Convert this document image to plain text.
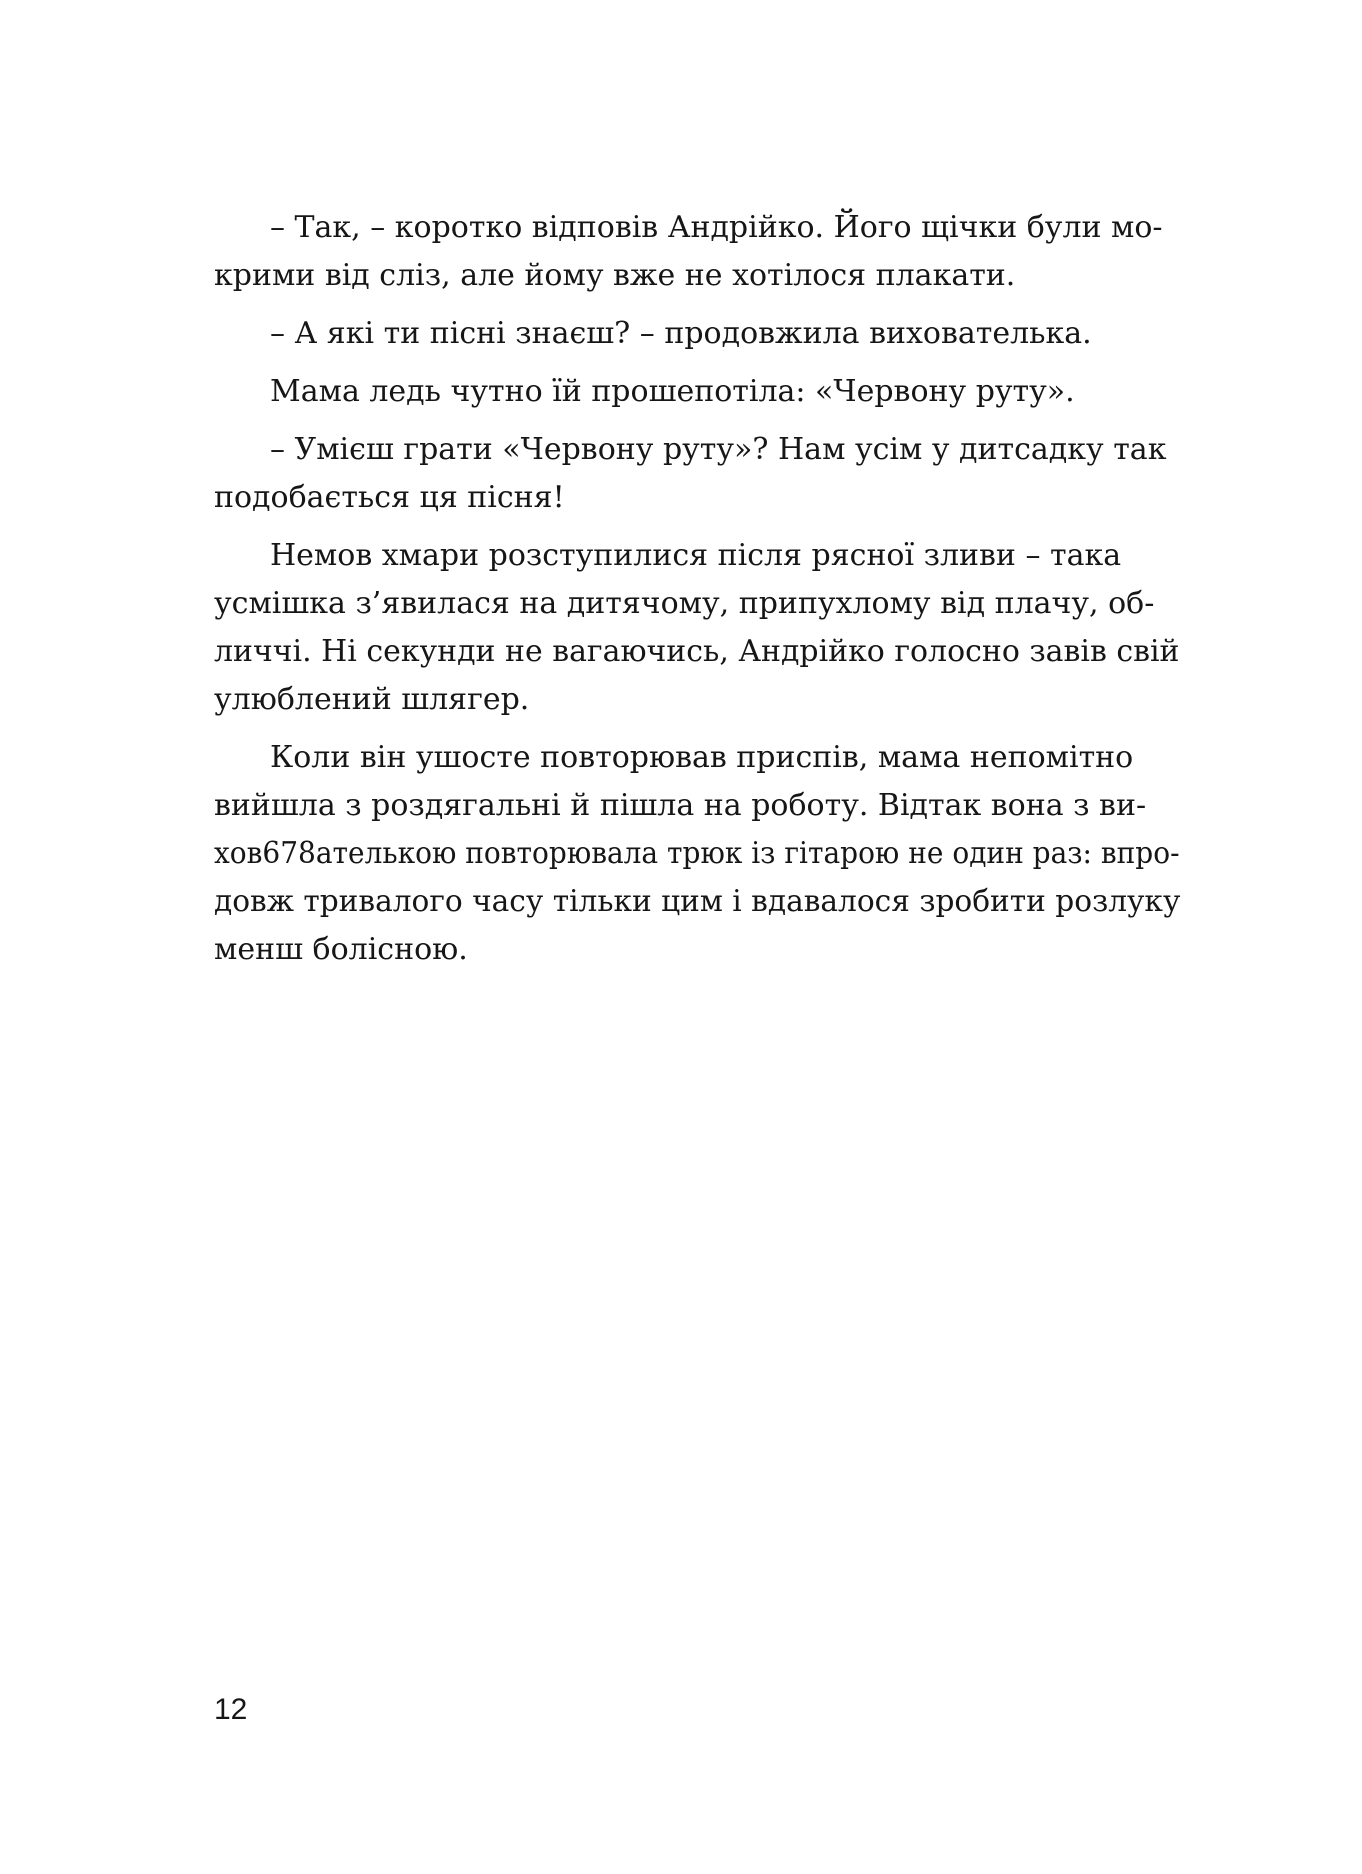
– Так, – коротко відповів Андрійко. Його щічки були мо-
крими від сліз, але йому вже не хотілося плакати.
– А які ти пісні знаєш? – продовжила вихователька.
Мама ледь чутно їй прошепотіла: «Червону руту».
– Умієш грати «Червону руту»? Нам усім у дитсадку так
подобається ця пісня!
Немов хмари розступилися після рясної зливи – така
усмішка з’явилася на дитячому, припухлому від плачу, об-
личчі. Ні секунди не вагаючись, Андрійко голосно завів свій
улюблений шлягер.
Коли він ушосте повторював приспів, мама непомітно
вийшла з роздягальні й пішла на роботу. Відтак вона з ви-
хов678ателькою повторювала трюк із гітарою не один раз: впро-
довж тривалого часу тільки цим і вдавалося зробити розлуку
менш болісною.
12
